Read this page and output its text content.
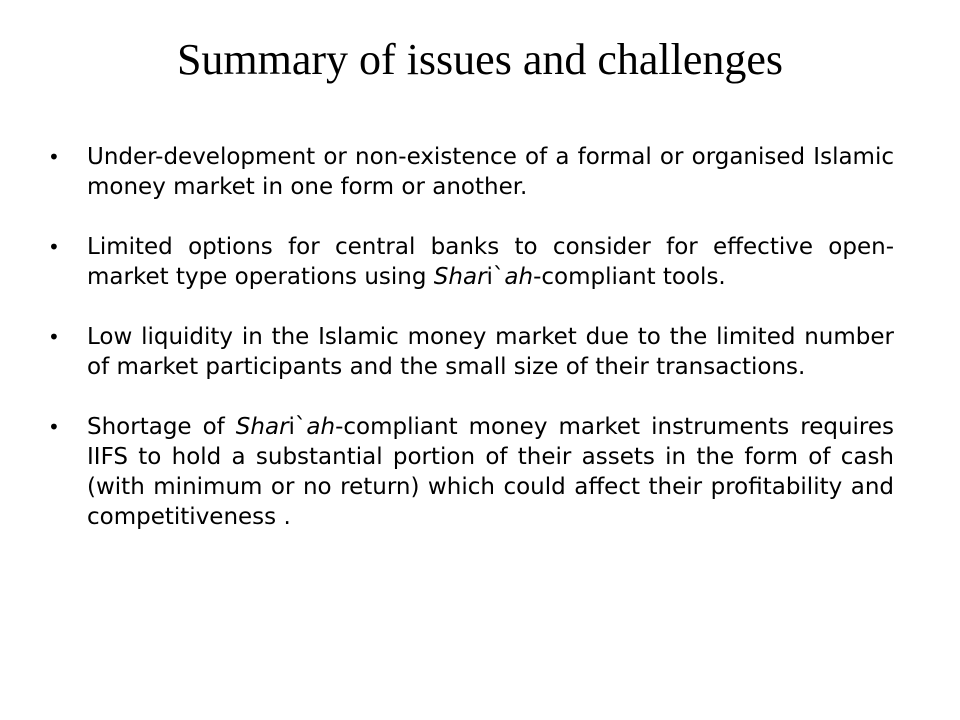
Summary of issues and challenges
• Under-development or non-existence of a formal or organised Islamic money market in one form or another.
• Limited options for central banks to consider for effective open-market type operations using Shari`ah-compliant tools.
• Low liquidity in the Islamic money market due to the limited number of market participants and the small size of their transactions.
• Shortage of Shari`ah-compliant money market instruments requires IIFS to hold a substantial portion of their assets in the form of cash (with minimum or no return) which could affect their profitability and competitiveness .
